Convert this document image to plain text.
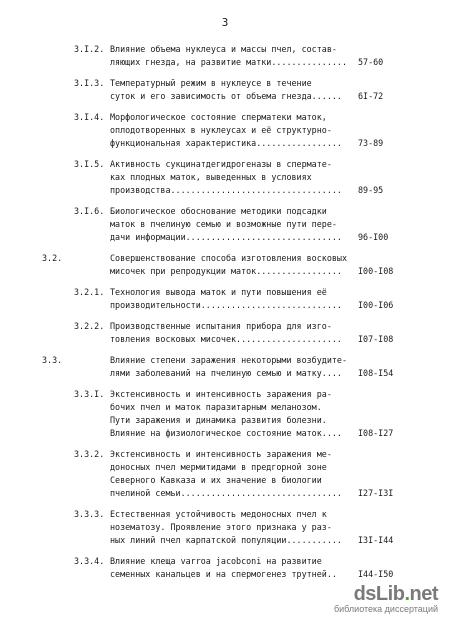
3
3.I.2. Влияние объема нуклеуса и массы пчел, состав-
ляющих гнезда, на развитие матки............... 57-60
3.I.3. Температурный режим в нуклеусе в течение
суток и его зависимость от объема гнезда...... 6I-72
3.I.4. Морфологическое состояние сперматеки маток,
оплодотворенных в нуклеусах и её структурно-
функциональная характеристика................. 73-89
3.I.5. Активность сукцинатдегидрогеназы в спермате-
ках плодных маток, выведенных в условиях
производства.................................. 89-95
3.I.6. Биологическое обоснование методики подсадки
маток в пчелиную семью и возможные пути пере-
дачи информации............................... 96-I00
3.2.	Совершенствование способа изготовления восковых
мисочек при репродукции маток................. I00-I08
3.2.1. Технология вывода маток и пути повышения её
производительности............................ I00-I06
3.2.2. Производственные испытания прибора для изго-
товления восковых мисочек..................... I07-I08
3.3.	Влияние степени заражения некоторыми возбудите-
лями заболеваний на пчелиную семью и матку.... I08-I54
3.3.I. Экстенсивность и интенсивность заражения ра-
бочих пчел и маток паразитарным меланозом.
Пути заражения и динамика развития болезни.
Влияние на физиологическое состояние маток.... I08-I27
3.3.2. Экстенсивность и интенсивность заражения ме-
доносных пчел мермитидами в предгорной зоне
Северного Кавказа и их значение в биологии
пчелиной семьи................................ I27-I3I
3.3.3. Естественная устойчивость медоносных пчел к
нозематозу. Проявление этого признака у раз-
ных линий пчел карпатской популяции........... I3I-I44
3.3.4. Влияние клеща varroa jacobconi на развитие
семенных канальцев и на спермогенез трутней..	I44-I50
dsLib.net
библиотека диссертаций
